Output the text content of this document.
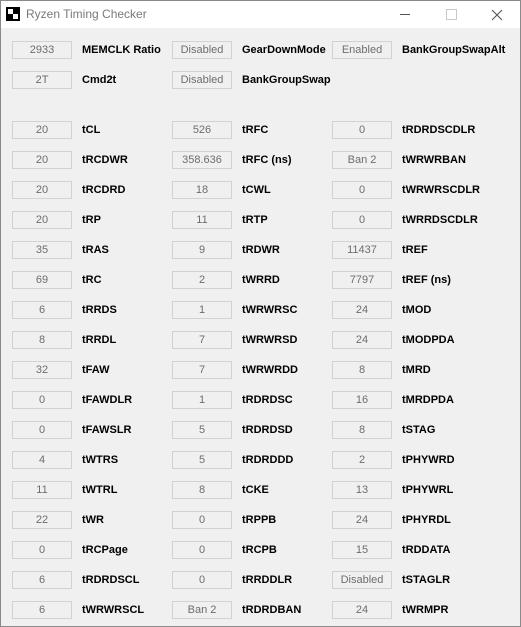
Ryzen Timing Checker
2933	MEMCLK Ratio	Disabled	GearDownMode	Enabled	BankGroupSwapAlt
2T	Cmd2t	Disabled	BankGroupSwap
20	tCL	526	tRFC	0	tRDRDSCDLR
20	tRCDWR	358.636	tRFC (ns)	Ban 2	tWRWRBAN
20	tRCDRD	18	tCWL	0	tWRWRSCDLR
20	tRP	11	tRTP	0	tWRRDSCDLR
35	tRAS	9	tRDWR	11437	tREF
69	tRC	2	tWRRD	7797	tREF (ns)
6	tRRDS	1	tWRWRSC	24	tMOD
8	tRRDL	7	tWRWRSD	24	tMODPDA
32	tFAW	7	tWRWRDD	8	tMRD
0	tFAWDLR	1	tRDRDSC	16	tMRDPDA
0	tFAWSLR	5	tRDRDSD	8	tSTAG
4	tWTRS	5	tRDRDDD	2	tPHYWRD
11	tWTRL	8	tCKE	13	tPHYWRL
22	tWR	0	tRPPB	24	tPHYRDL
0	tRCPage	0	tRCPB	15	tRDDATA
6	tRDRDSCL	0	tRRDDLR	Disabled	tSTAGLR
6	tWRWRSCL	Ban 2	tRDRDBAN	24	tWRMPR
